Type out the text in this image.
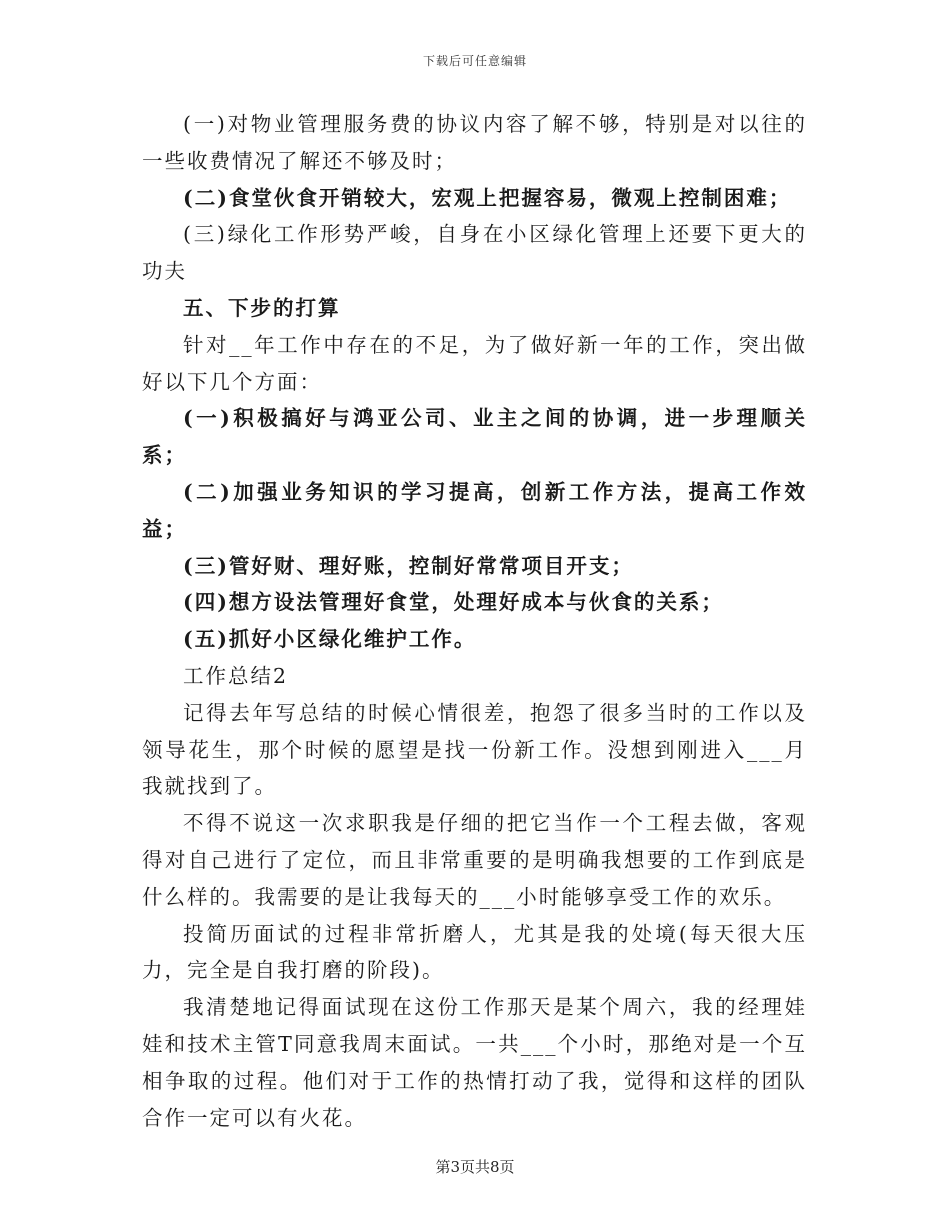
下载后可任意编辑

(一)对物业管理服务费的协议内容了解不够，特别是对以往的一些收费情况了解还不够及时；

(二)食堂伙食开销较大，宏观上把握容易，微观上控制困难；

(三)绿化工作形势严峻，自身在小区绿化管理上还要下更大的功夫

五、下步的打算

针对__年工作中存在的不足，为了做好新一年的工作，突出做好以下几个方面：

(一)积极搞好与鸿亚公司、业主之间的协调，进一步理顺关系；

(二)加强业务知识的学习提高，创新工作方法，提高工作效益；

(三)管好财、理好账，控制好常常项目开支；

(四)想方设法管理好食堂，处理好成本与伙食的关系；

(五)抓好小区绿化维护工作。

工作总结2

记得去年写总结的时候心情很差，抱怨了很多当时的工作以及领导花生，那个时候的愿望是找一份新工作。没想到刚进入___月我就找到了。

不得不说这一次求职我是仔细的把它当作一个工程去做，客观得对自己进行了定位，而且非常重要的是明确我想要的工作到底是什么样的。我需要的是让我每天的___小时能够享受工作的欢乐。

投简历面试的过程非常折磨人，尤其是我的处境(每天很大压力，完全是自我打磨的阶段)。

我清楚地记得面试现在这份工作那天是某个周六，我的经理娃娃和技术主管T同意我周末面试。一共___个小时，那绝对是一个互相争取的过程。他们对于工作的热情打动了我，觉得和这样的团队合作一定可以有火花。

第3页共8页
